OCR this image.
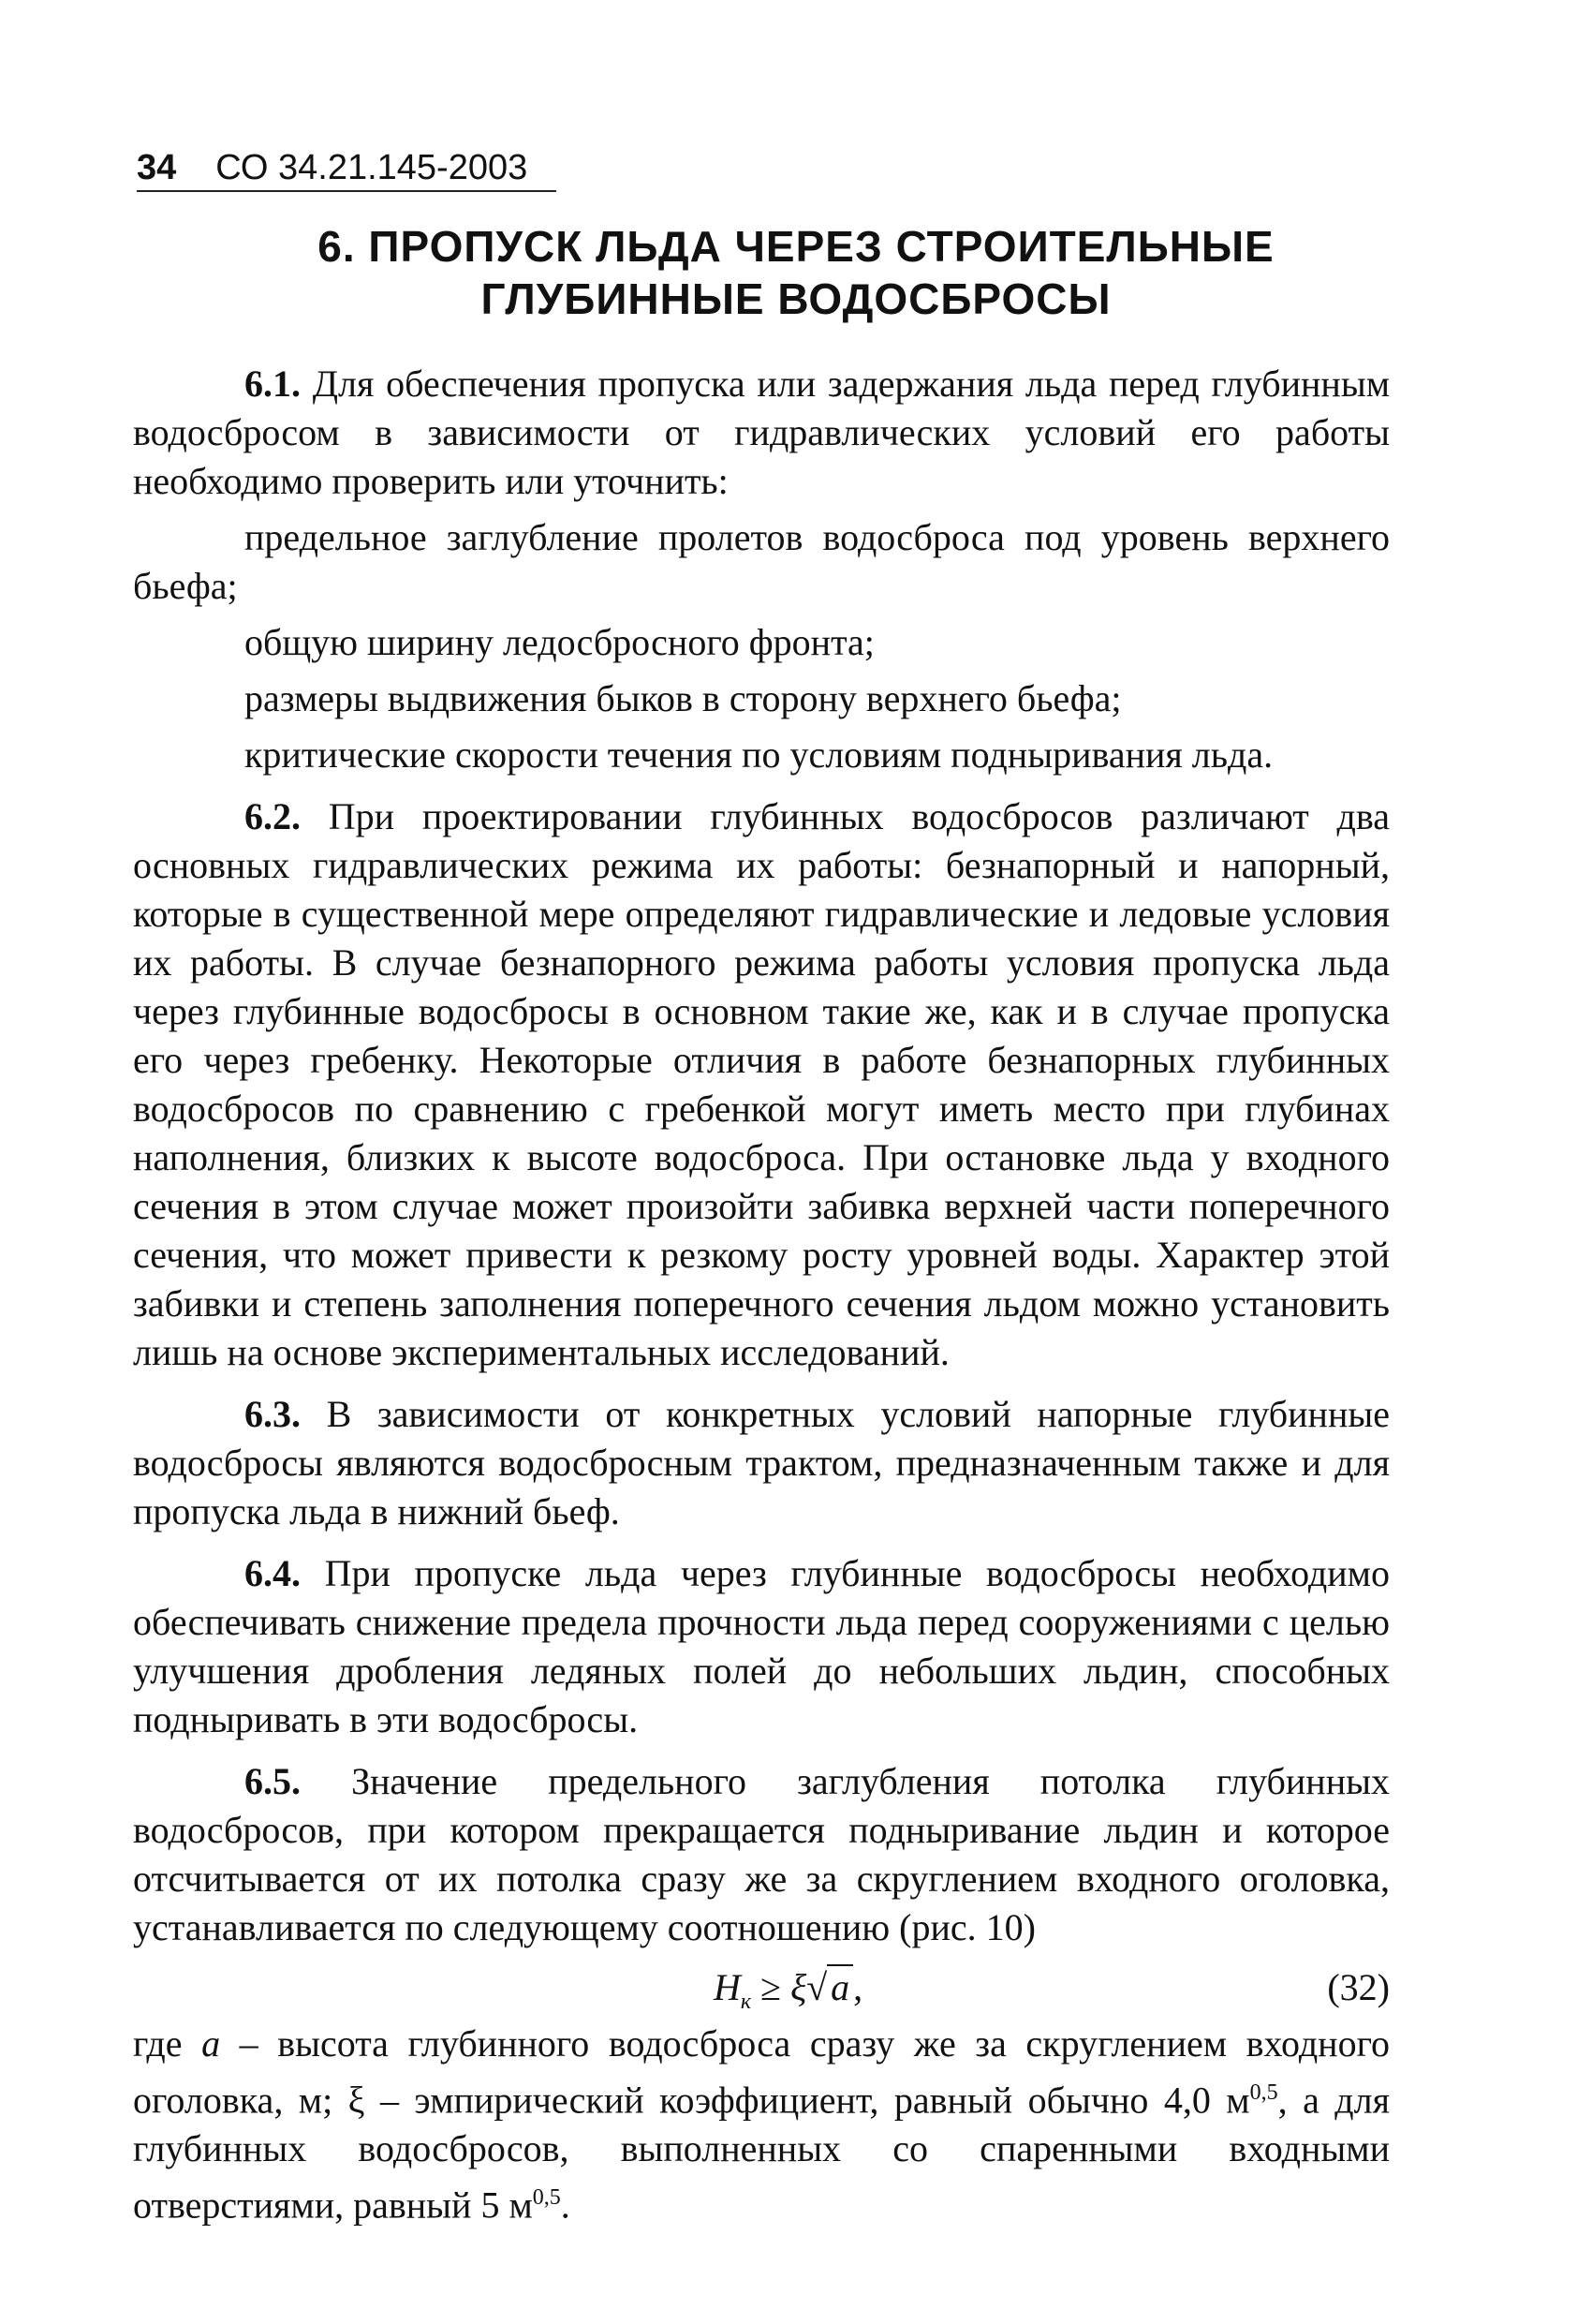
34 СО 34.21.145-2003
6. ПРОПУСК ЛЬДА ЧЕРЕЗ СТРОИТЕЛЬНЫЕ
ГЛУБИННЫЕ ВОДОСБРОСЫ

6.1. Для обеспечения пропуска или задержания льда перед глубинным водосбросом в зависимости от гидравлических условий его работы необходимо проверить или уточнить:

предельное заглубление пролетов водосброса под уровень верхнего бьефа;

общую ширину ледосбросного фронта;

размеры выдвижения быков в сторону верхнего бьефа;

критические скорости течения по условиям подныривания льда.

6.2. При проектировании глубинных водосбросов различают два основных гидравлических режима их работы: безнапорный и напорный, которые в существенной мере определяют гидравлические и ледовые условия их работы. В случае безнапорного режима работы условия пропуска льда через глубинные водосбросы в основном такие же, как и в случае пропуска его через гребенку. Некоторые отличия в работе безнапорных глубинных водосбросов по сравнению с гребенкой могут иметь место при глубинах наполнения, близких к высоте водосброса. При остановке льда у входного сечения в этом случае может произойти забивка верхней части поперечного сечения, что может привести к резкому росту уровней воды. Характер этой забивки и степень заполнения поперечного сечения льдом можно установить лишь на основе экспериментальных исследований.

6.3. В зависимости от конкретных условий напорные глубинные водосбросы являются водосбросным трактом, предназначенным также и для пропуска льда в нижний бьеф.

6.4. При пропуске льда через глубинные водосбросы необходимо обеспечивать снижение предела прочности льда перед сооружениями с целью улучшения дробления ледяных полей до небольших льдин, способных подныривать в эти водосбросы.

6.5. Значение предельного заглубления потолка глубинных водосбросов, при котором прекращается подныривание льдин и которое отсчитывается от их потолка сразу же за скруглением входного оголовка, устанавливается по следующему соотношению (рис. 10)

$H_к \ge \xi√$ a ,	(32)

где a – высота глубинного водосброса сразу же за скруглением входного оголовка, м; ξ – эмпирический коэффициент, равный обычно 4,0 $м^{0,5}$, а для глубинных водосбросов, выполненных со спаренными входными отверстиями, равный 5 $м^{0,5}$.
